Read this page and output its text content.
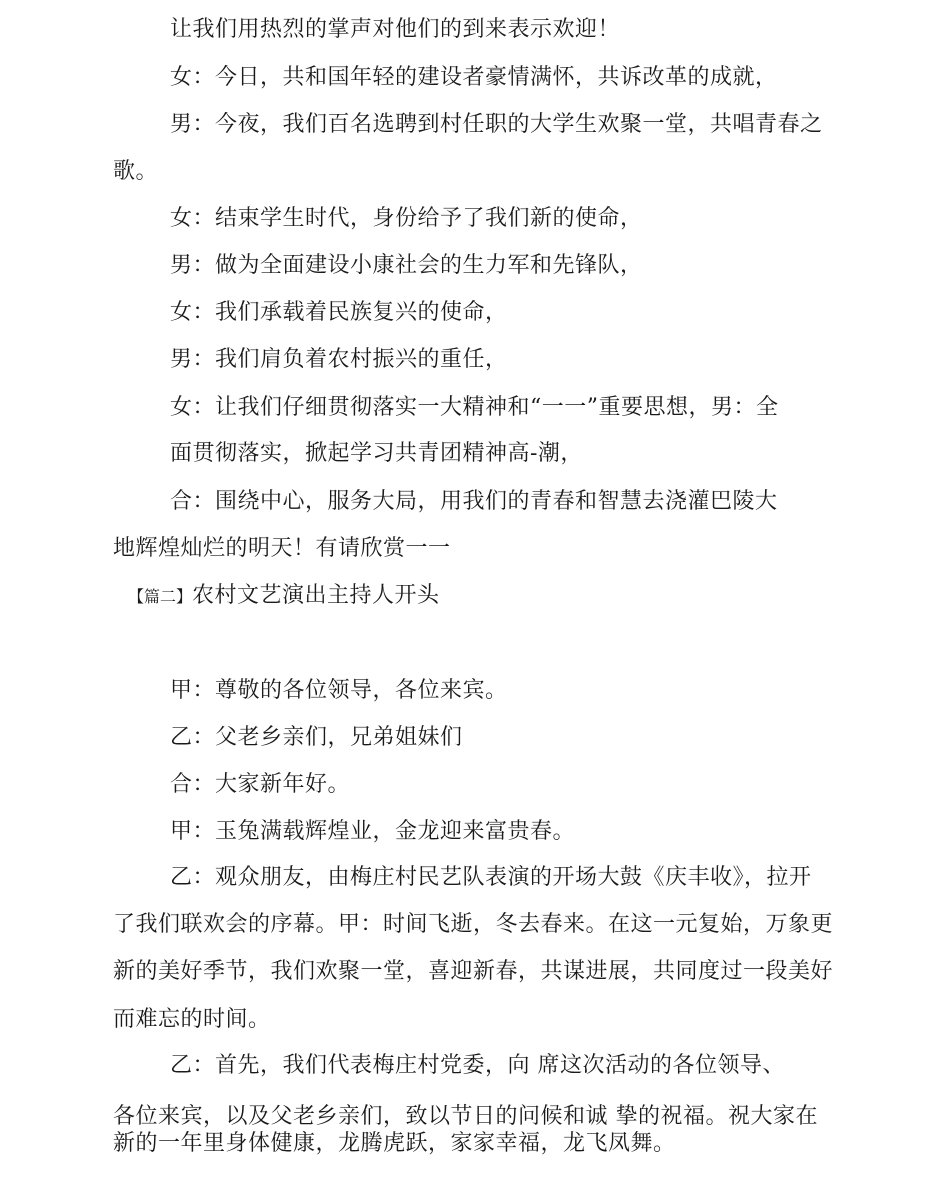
让我们用热烈的掌声对他们的到来表示欢迎！
女：今日，共和国年轻的建设者豪情满怀，共诉改革的成就，
男：今夜，我们百名选聘到村任职的大学生欢聚一堂，共唱青春之
歌。
女：结束学生时代，身份给予了我们新的使命，
男：做为全面建设小康社会的生力军和先锋队，
女：我们承载着民族复兴的使命，
男：我们肩负着农村振兴的重任，
女：让我们仔细贯彻落实一大精神和“一一”重要思想，男：全
面贯彻落实，掀起学习共青团精神高-潮，
合：围绕中心，服务大局，用我们的青春和智慧去浇灌巴陵大
地辉煌灿烂的明天！有请欣赏一一
【篇二】农村文艺演出主持人开头
甲：尊敬的各位领导，各位来宾。
乙：父老乡亲们，兄弟姐妹们
合：大家新年好。
甲：玉兔满载辉煌业，金龙迎来富贵春。
乙：观众朋友，由梅庄村民艺队表演的开场大鼓《庆丰收》，拉开
了我们联欢会的序幕。甲：时间飞逝，冬去春来。在这一元复始，万象更
新的美好季节，我们欢聚一堂，喜迎新春，共谋进展，共同度过一段美好
而难忘的时间。
乙：首先，我们代表梅庄村党委，向 席这次活动的各位领导、
各位来宾，以及父老乡亲们，致以节日的问候和诚 挚的祝福。祝大家在
新的一年里身体健康，龙腾虎跃，家家幸福，龙飞凤舞。
